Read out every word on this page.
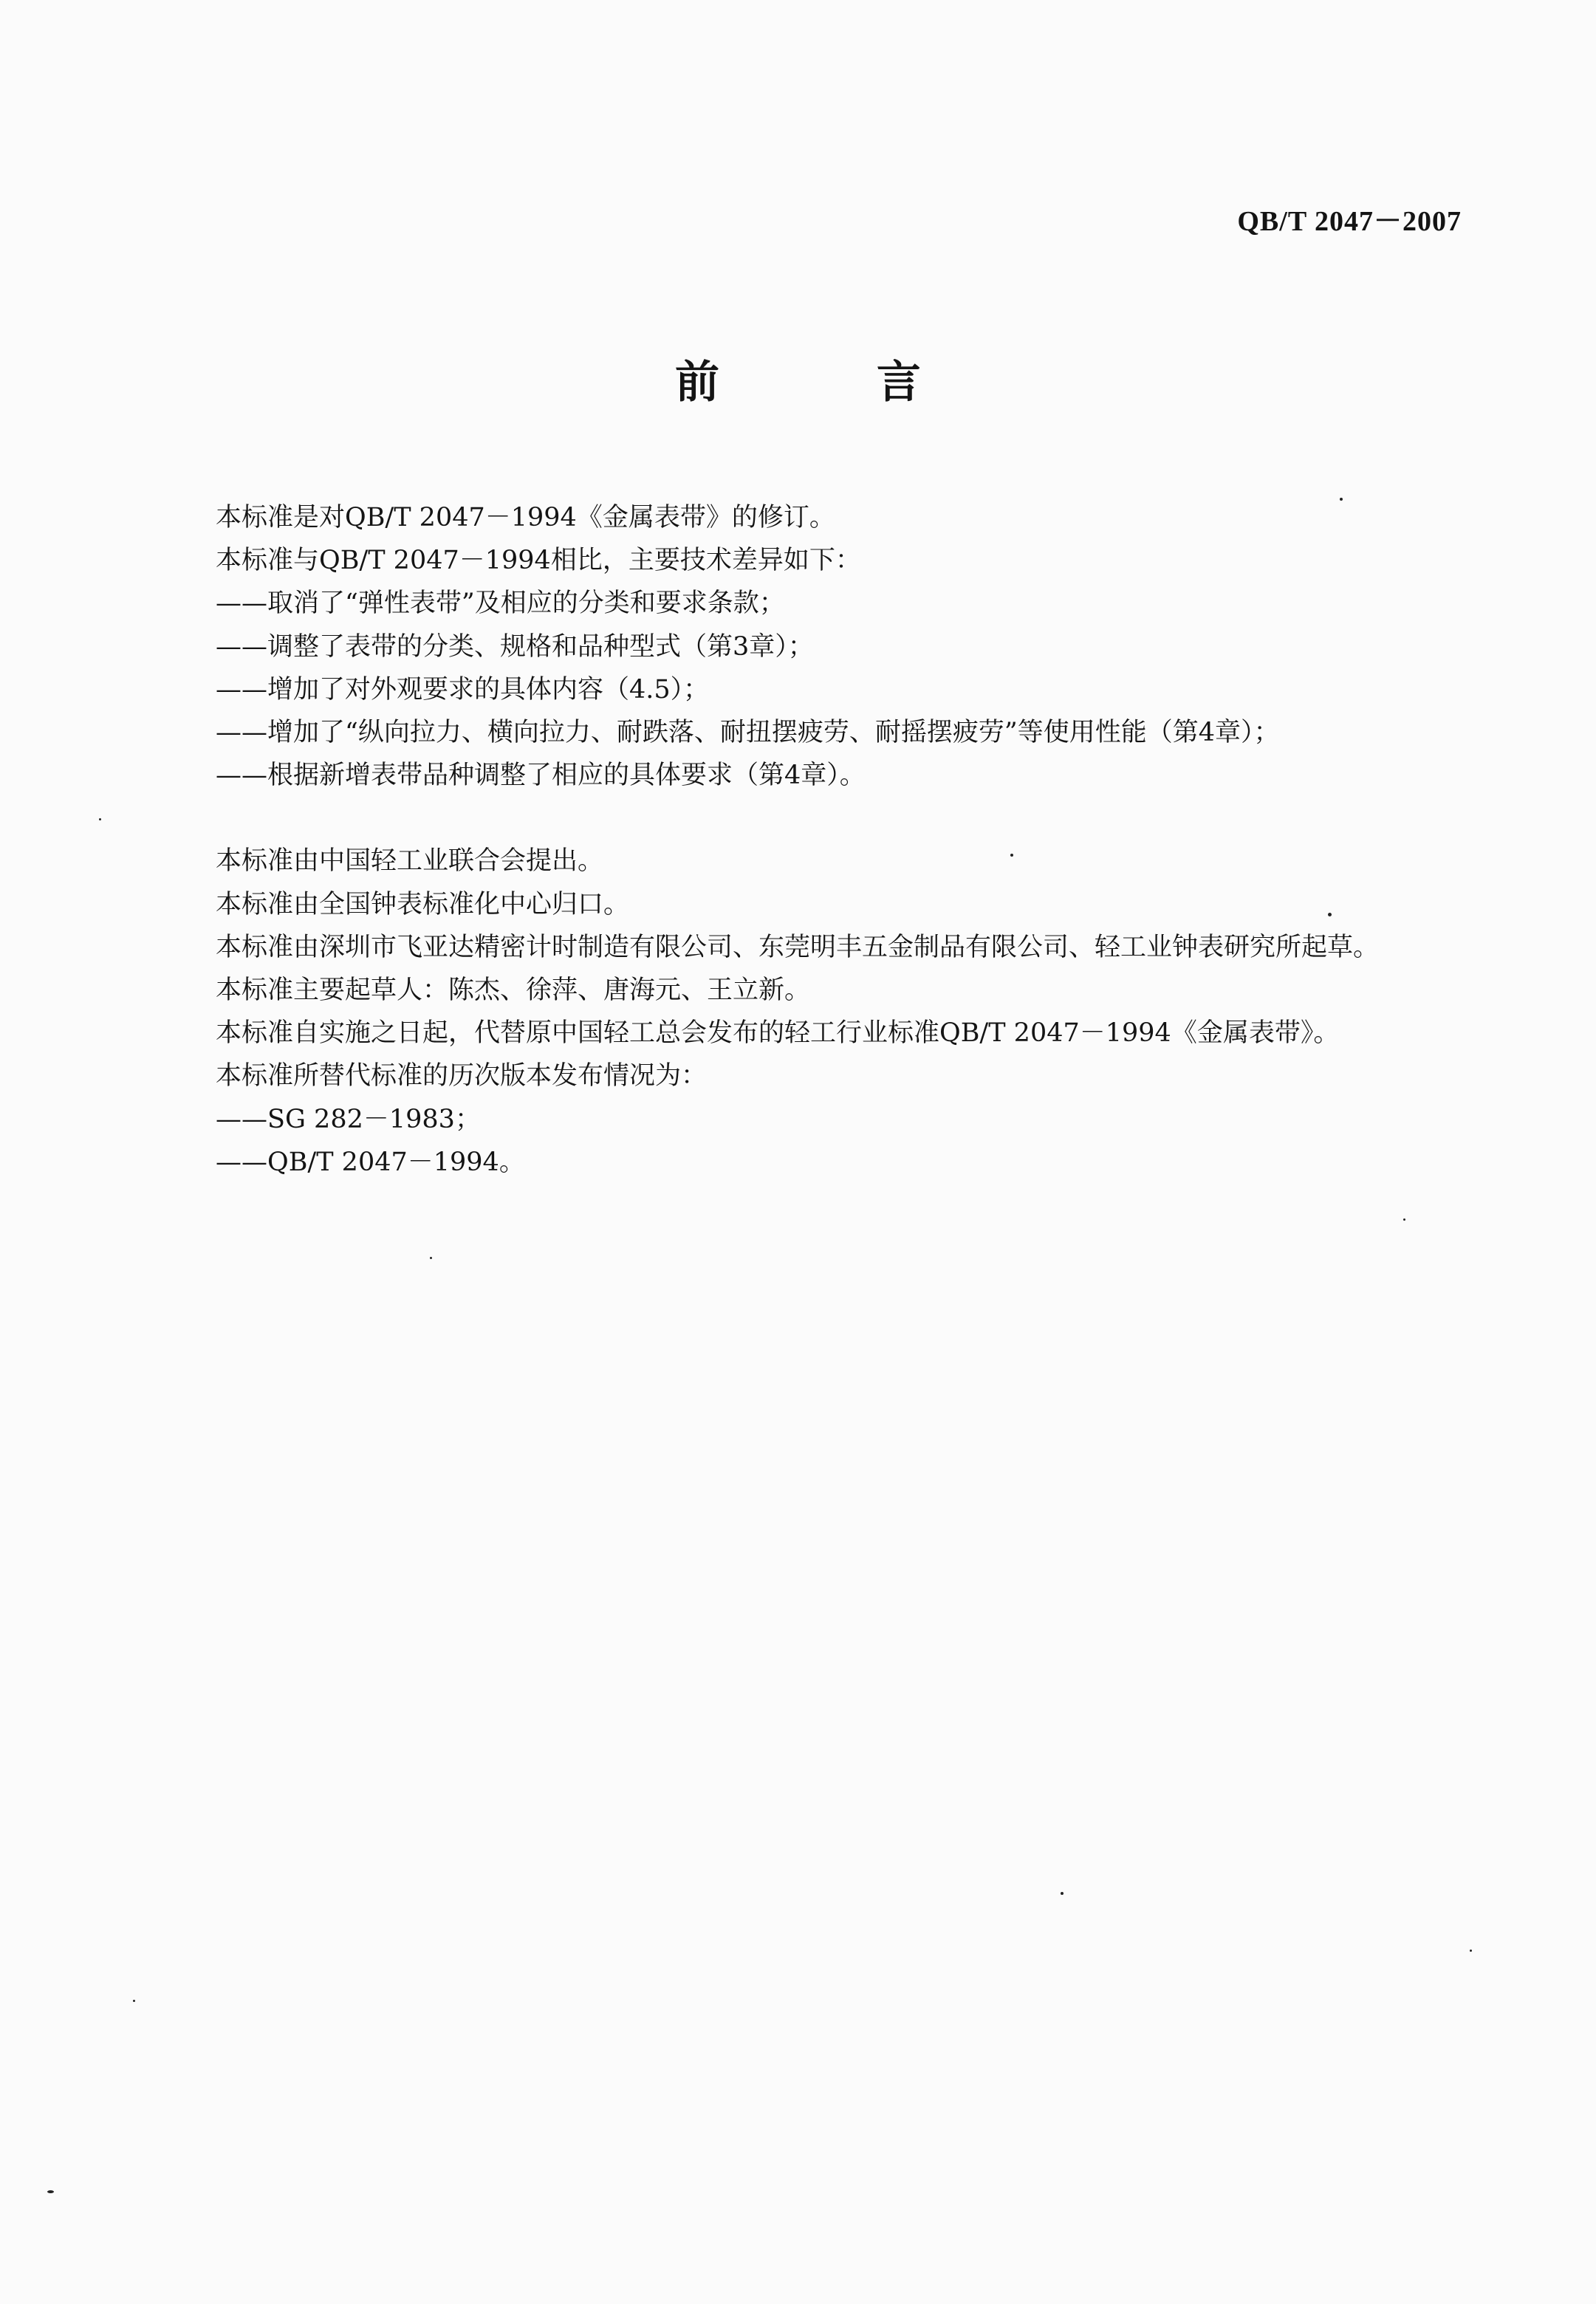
QB/T 2047－2007
前 言

本标准是对QB/T 2047－1994《金属表带》的修订。

本标准与QB/T 2047－1994相比，主要技术差异如下：

——取消了“弹性表带”及相应的分类和要求条款；

——调整了表带的分类、规格和品种型式（第3章）；

——增加了对外观要求的具体内容（4.5）；

——增加了“纵向拉力、横向拉力、耐跌落、耐扭摆疲劳、耐摇摆疲劳”等使用性能（第4章）；

——根据新增表带品种调整了相应的具体要求（第4章）。

本标准由中国轻工业联合会提出。

本标准由全国钟表标准化中心归口。

本标准由深圳市飞亚达精密计时制造有限公司、东莞明丰五金制品有限公司、轻工业钟表研究所起草。

本标准主要起草人：陈杰、徐萍、唐海元、王立新。

本标准自实施之日起，代替原中国轻工总会发布的轻工行业标准QB/T 2047－1994《金属表带》。

本标准所替代标准的历次版本发布情况为：

——SG 282－1983；

——QB/T 2047－1994。
